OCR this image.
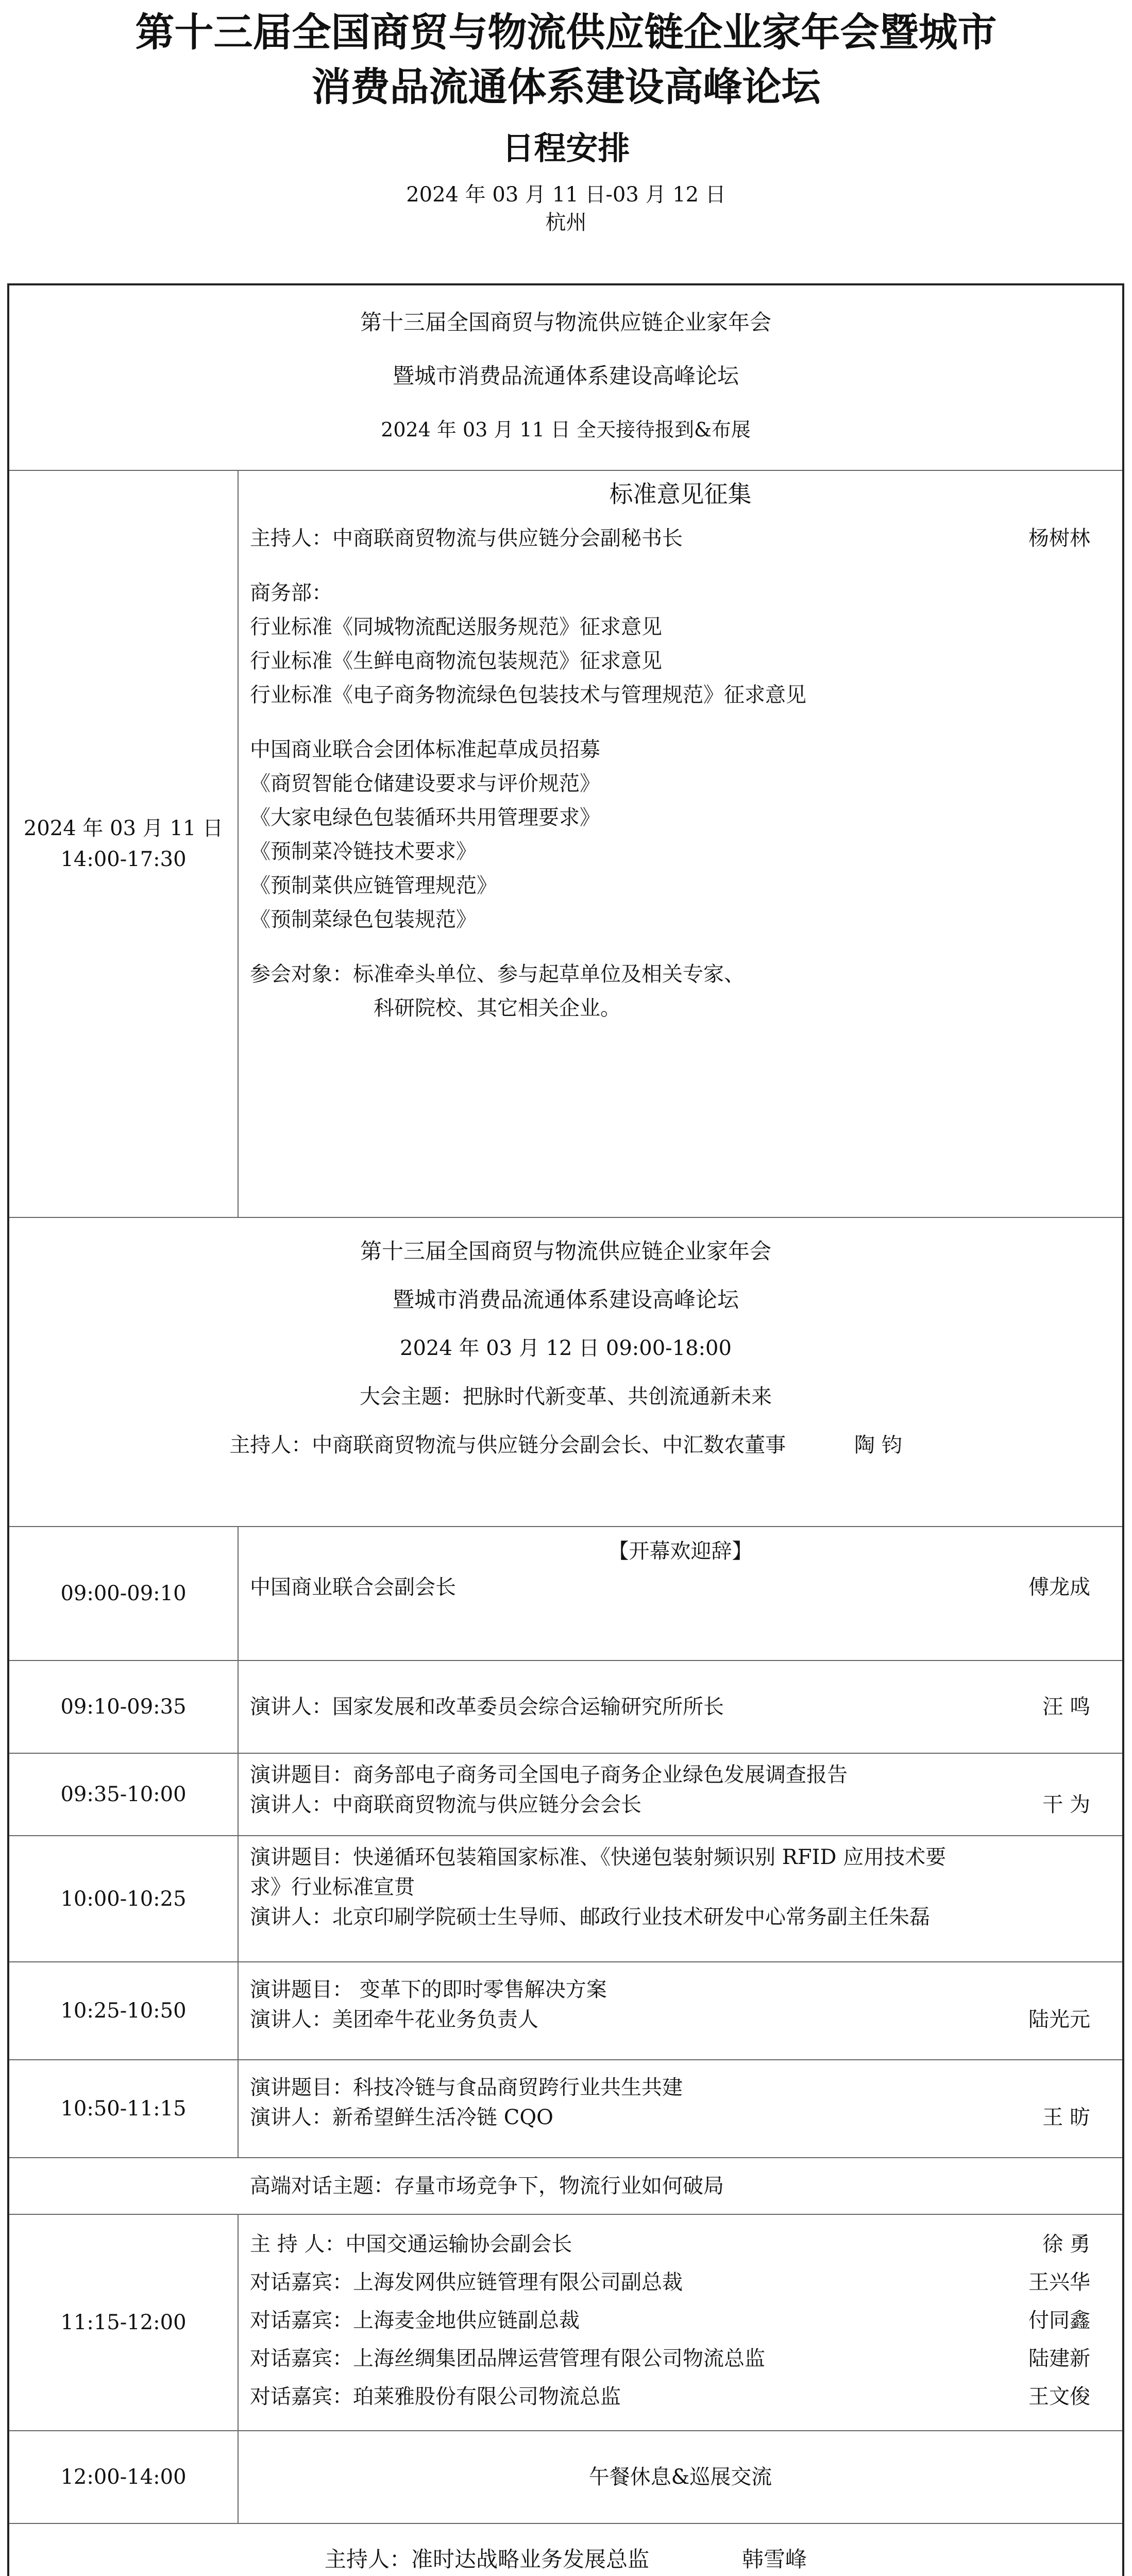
第十三届全国商贸与物流供应链企业家年会暨城市
消费品流通体系建设高峰论坛
日程安排
2024 年 03 月 11 日-03 月 12 日
杭州
第十三届全国商贸与物流供应链企业家年会
暨城市消费品流通体系建设高峰论坛
2024 年 03 月 11 日 全天接待报到&布展
2024 年 03 月 11 日
14:00-17:30
标准意见征集
主持人：中商联商贸物流与供应链分会副秘书长	杨树林
商务部：
行业标准《同城物流配送服务规范》征求意见
行业标准《生鲜电商物流包装规范》征求意见
行业标准《电子商务物流绿色包装技术与管理规范》征求意见
中国商业联合会团体标准起草成员招募
《商贸智能仓储建设要求与评价规范》
《大家电绿色包装循环共用管理要求》
《预制菜冷链技术要求》
《预制菜供应链管理规范》
《预制菜绿色包装规范》
参会对象：标准牵头单位、参与起草单位及相关专家、
科研院校、其它相关企业。
第十三届全国商贸与物流供应链企业家年会
暨城市消费品流通体系建设高峰论坛
2024 年 03 月 12 日 09:00-18:00
大会主题：把脉时代新变革、共创流通新未来
主持人：中商联商贸物流与供应链分会副会长、中汇数农董事	陶 钧
09:00-09:10
【开幕欢迎辞】
中国商业联合会副会长	傅龙成
09:10-09:35	演讲人：国家发展和改革委员会综合运输研究所所长	汪 鸣
09:35-10:00
演讲题目：商务部电子商务司全国电子商务企业绿色发展调查报告
演讲人：中商联商贸物流与供应链分会会长	干 为
10:00-10:25
演讲题目：快递循环包装箱国家标准、《快递包装射频识别 RFID 应用技术要
求》行业标准宣贯
演讲人：北京印刷学院硕士生导师、邮政行业技术研发中心常务副主任朱磊
10:25-10:50
演讲题目： 变革下的即时零售解决方案
演讲人：美团牵牛花业务负责人	陆光元
10:50-11:15
演讲题目：科技冷链与食品商贸跨行业共生共建
演讲人：新希望鲜生活冷链 CQO	王 昉
高端对话主题：存量市场竞争下，物流行业如何破局
11:15-12:00
主 持 人：中国交通运输协会副会长	徐 勇
对话嘉宾：上海发网供应链管理有限公司副总裁	王兴华
对话嘉宾：上海麦金地供应链副总裁	付同鑫
对话嘉宾：上海丝绸集团品牌运营管理有限公司物流总监	陆建新
对话嘉宾：珀莱雅股份有限公司物流总监	王文俊
12:00-14:00	午餐休息&巡展交流
主持人：准时达战略业务发展总监	韩雪峰
